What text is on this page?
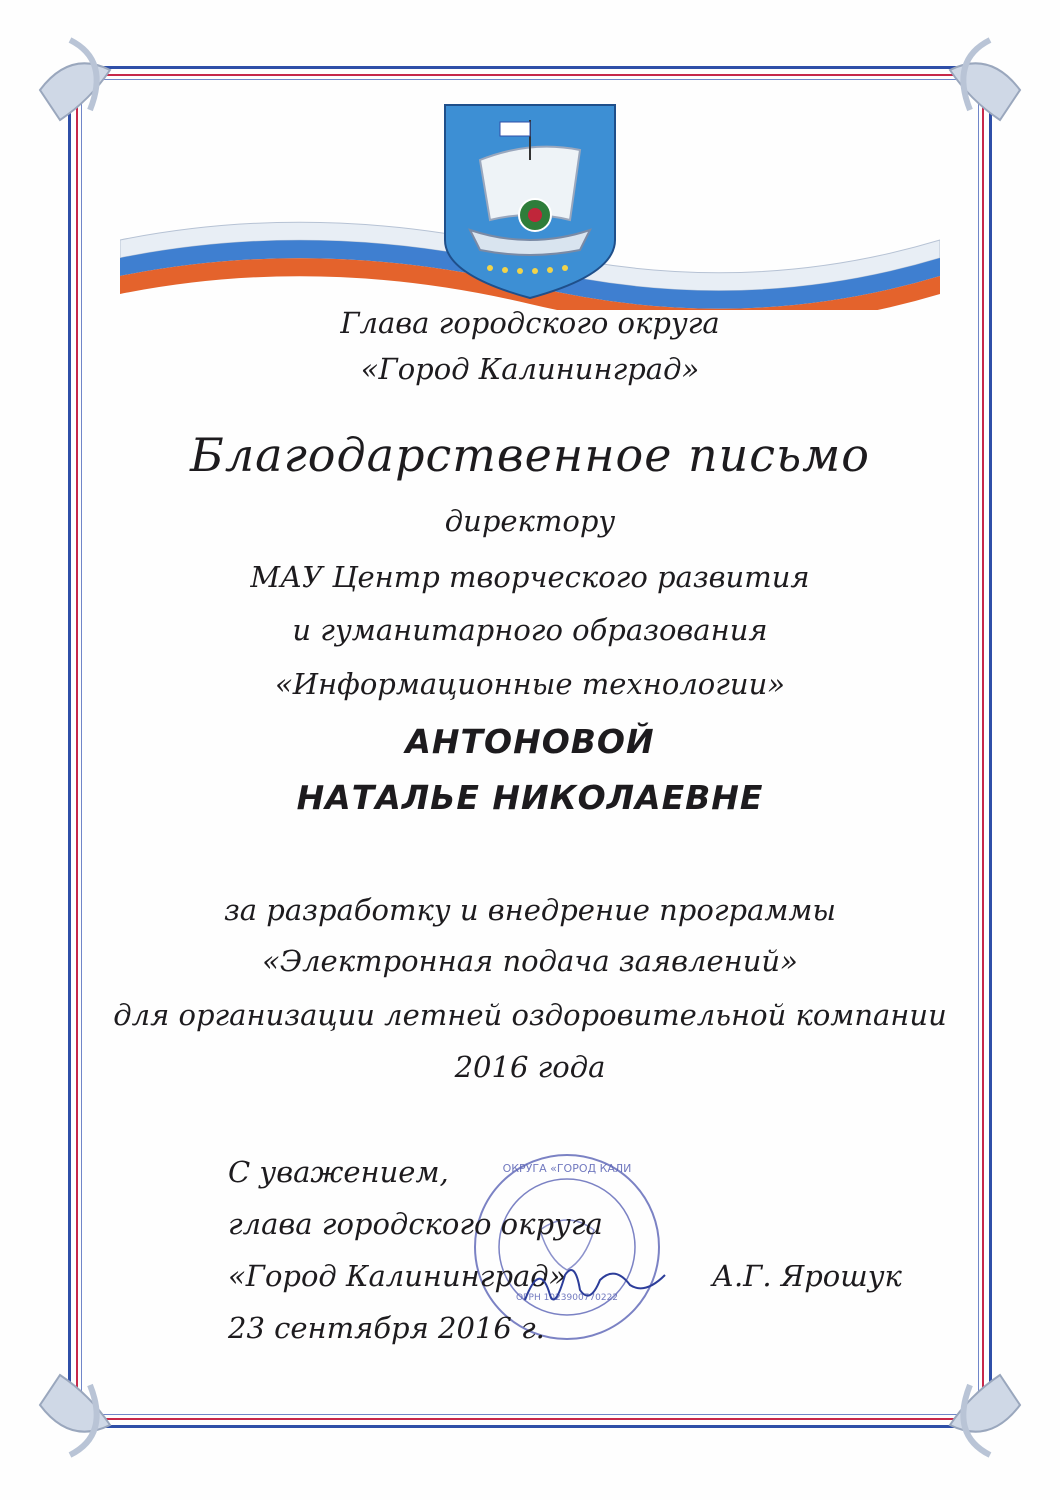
Глава городского округа
«Город Калининград»
Благодарственное письмо
директору
МАУ Центр творческого развития
и гуманитарного образования
«Информационные технологии»
АНТОНОВОЙ
НАТАЛЬЕ НИКОЛАЕВНЕ
за разработку и внедрение программы
«Электронная подача заявлений»
для организации летней оздоровительной компании
2016 года
ОКРУГА «ГОРОД КАЛИ
ОГРН 1023900770222
С уважением,
глава городского округа
«Город Калининград»
23 сентября 2016 г.
А.Г. Ярошук
